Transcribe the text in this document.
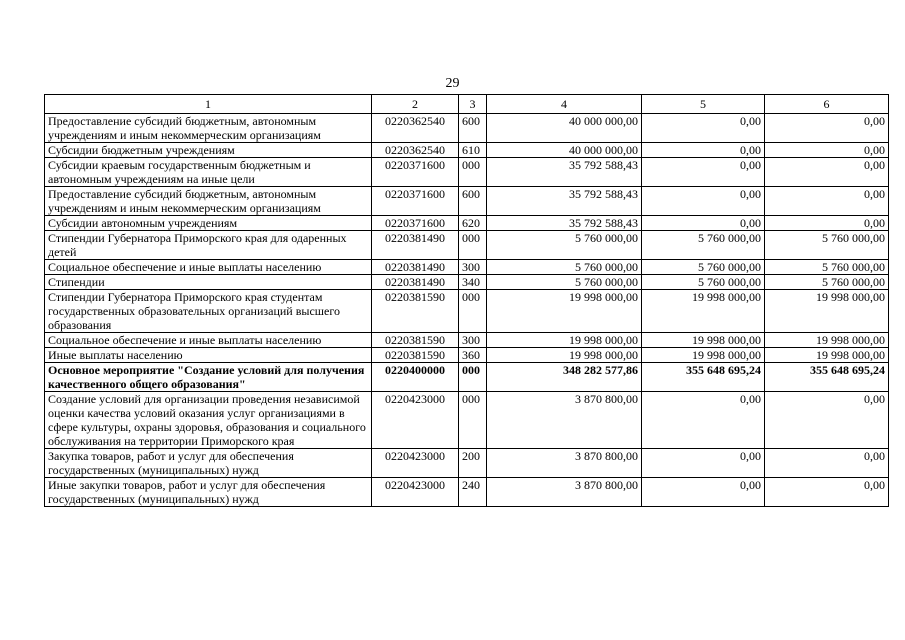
29
1	2	3	4	5	6
Предоставление субсидий бюджетным, автономным учреждениям и иным некоммерческим организациям	0220362540	600	40 000 000,00	0,00	0,00
Субсидии бюджетным учреждениям	0220362540	610	40 000 000,00	0,00	0,00
Субсидии краевым государственным бюджетным и автономным учреждениям на иные цели	0220371600	000	35 792 588,43	0,00	0,00
Предоставление субсидий бюджетным, автономным учреждениям и иным некоммерческим организациям	0220371600	600	35 792 588,43	0,00	0,00
Субсидии автономным учреждениям	0220371600	620	35 792 588,43	0,00	0,00
Стипендии Губернатора Приморского края для одаренных детей	0220381490	000	5 760 000,00	5 760 000,00	5 760 000,00
Социальное обеспечение и иные выплаты населению	0220381490	300	5 760 000,00	5 760 000,00	5 760 000,00
Стипендии	0220381490	340	5 760 000,00	5 760 000,00	5 760 000,00
Стипендии Губернатора Приморского края студентам государственных образовательных организаций высшего образования	0220381590	000	19 998 000,00	19 998 000,00	19 998 000,00
Социальное обеспечение и иные выплаты населению	0220381590	300	19 998 000,00	19 998 000,00	19 998 000,00
Иные выплаты населению	0220381590	360	19 998 000,00	19 998 000,00	19 998 000,00
Основное мероприятие "Создание условий для получения качественного общего образования"	0220400000	000	348 282 577,86	355 648 695,24	355 648 695,24
Создание условий для организации проведения независимой оценки качества условий оказания услуг организациями в сфере культуры, охраны здоровья, образования и социального обслуживания на территории Приморского края	0220423000	000	3 870 800,00	0,00	0,00
Закупка товаров, работ и услуг для обеспечения государственных (муниципальных) нужд	0220423000	200	3 870 800,00	0,00	0,00
Иные закупки товаров, работ и услуг для обеспечения государственных (муниципальных) нужд	0220423000	240	3 870 800,00	0,00	0,00
